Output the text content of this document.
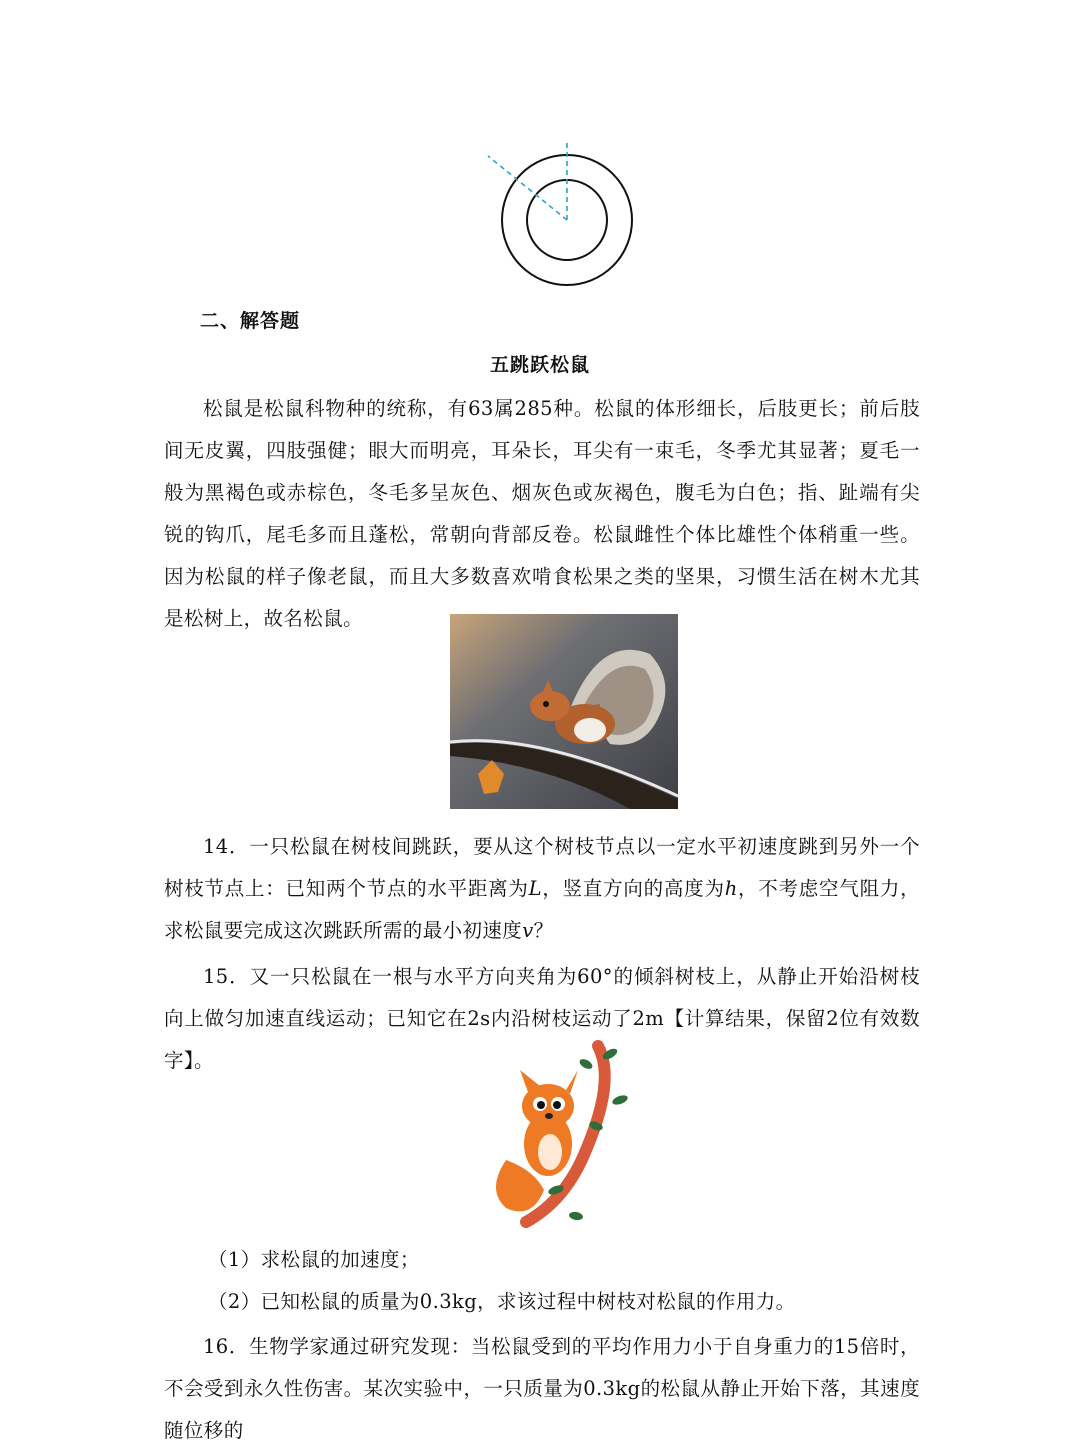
二、解答题
五跳跃松鼠

松鼠是松鼠科物种的统称，有63属285种。松鼠的体形细长，后肢更长；前后肢间无皮翼，四肢强健；眼大而明亮，耳朵长，耳尖有一束毛，冬季尤其显著；夏毛一般为黑褐色或赤棕色，冬毛多呈灰色、烟灰色或灰褐色，腹毛为白色；指、趾端有尖锐的钩爪，尾毛多而且蓬松，常朝向背部反卷。松鼠雌性个体比雄性个体稍重一些。因为松鼠的样子像老鼠，而且大多数喜欢啃食松果之类的坚果，习惯生活在树木尤其是松树上，故名松鼠。

14．一只松鼠在树枝间跳跃，要从这个树枝节点以一定水平初速度跳到另外一个树枝节点上：已知两个节点的水平距离为L，竖直方向的高度为h，不考虑空气阻力，求松鼠要完成这次跳跃所需的最小初速度v？

15．又一只松鼠在一根与水平方向夹角为60°的倾斜树枝上，从静止开始沿树枝向上做匀加速直线运动；已知它在2s内沿树枝运动了2m【计算结果，保留2位有效数字】。

（1）求松鼠的加速度；
（2）已知松鼠的质量为0.3kg，求该过程中树枝对松鼠的作用力。

16．生物学家通过研究发现：当松鼠受到的平均作用力小于自身重力的15倍时，不会受到永久性伤害。某次实验中，一只质量为0.3kg的松鼠从静止开始下落，其速度随位移的
